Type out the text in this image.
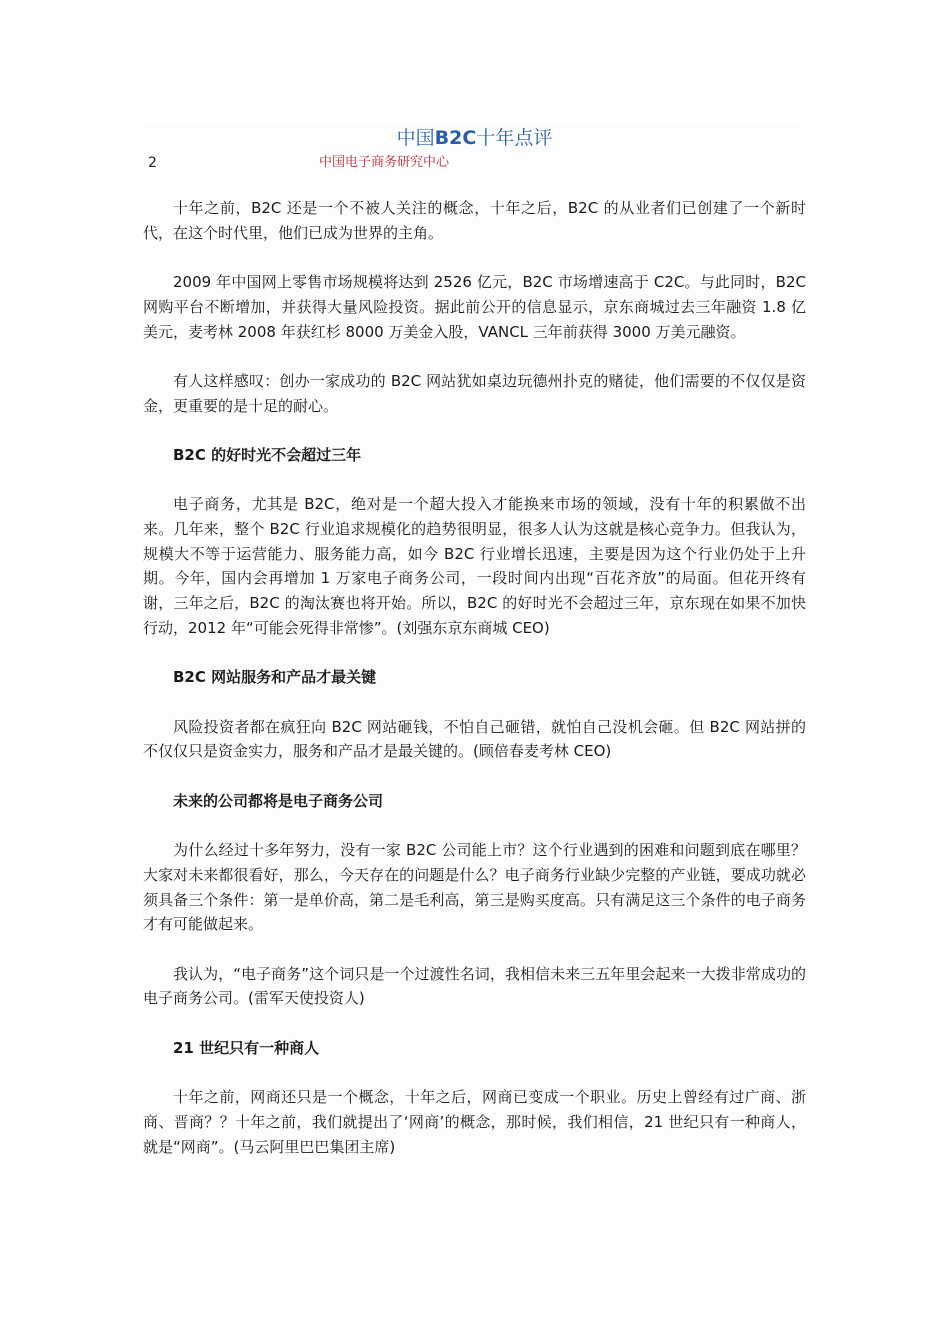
中国B2C十年点评
2	中国电子商务研究中心

十年之前，B2C 还是一个不被人关注的概念，十年之后，B2C 的从业者们已创建了一个新时代，在这个时代里，他们已成为世界的主角。

2009 年中国网上零售市场规模将达到 2526 亿元，B2C 市场增速高于 C2C。与此同时，B2C 网购平台不断增加，并获得大量风险投资。据此前公开的信息显示，京东商城过去三年融资 1.8 亿美元，麦考林 2008 年获红杉 8000 万美金入股，VANCL 三年前获得 3000 万美元融资。

有人这样感叹：创办一家成功的 B2C 网站犹如桌边玩德州扑克的赌徒，他们需要的不仅仅是资金，更重要的是十足的耐心。

B2C 的好时光不会超过三年

电子商务，尤其是 B2C，绝对是一个超大投入才能换来市场的领域，没有十年的积累做不出来。几年来，整个 B2C 行业追求规模化的趋势很明显，很多人认为这就是核心竞争力。但我认为，规模大不等于运营能力、服务能力高，如今 B2C 行业增长迅速，主要是因为这个行业仍处于上升期。今年，国内会再增加 1 万家电子商务公司，一段时间内出现“百花齐放”的局面。但花开终有谢，三年之后，B2C 的淘汰赛也将开始。所以，B2C 的好时光不会超过三年，京东现在如果不加快行动，2012 年“可能会死得非常惨”。(刘强东京东商城 CEO)

B2C 网站服务和产品才最关键

风险投资者都在疯狂向 B2C 网站砸钱，不怕自己砸错，就怕自己没机会砸。但 B2C 网站拼的不仅仅只是资金实力，服务和产品才是最关键的。(顾倍春麦考林 CEO)

未来的公司都将是电子商务公司

为什么经过十多年努力，没有一家 B2C 公司能上市？这个行业遇到的困难和问题到底在哪里？大家对未来都很看好，那么，今天存在的问题是什么？电子商务行业缺少完整的产业链，要成功就必须具备三个条件：第一是单价高，第二是毛利高，第三是购买度高。只有满足这三个条件的电子商务才有可能做起来。

我认为，“电子商务”这个词只是一个过渡性名词，我相信未来三五年里会起来一大拨非常成功的电子商务公司。(雷军天使投资人)

21 世纪只有一种商人

十年之前，网商还只是一个概念，十年之后，网商已变成一个职业。历史上曾经有过广商、浙商、晋商？？十年之前，我们就提出了‘网商’的概念，那时候，我们相信，21 世纪只有一种商人，就是“网商”。(马云阿里巴巴集团主席)
